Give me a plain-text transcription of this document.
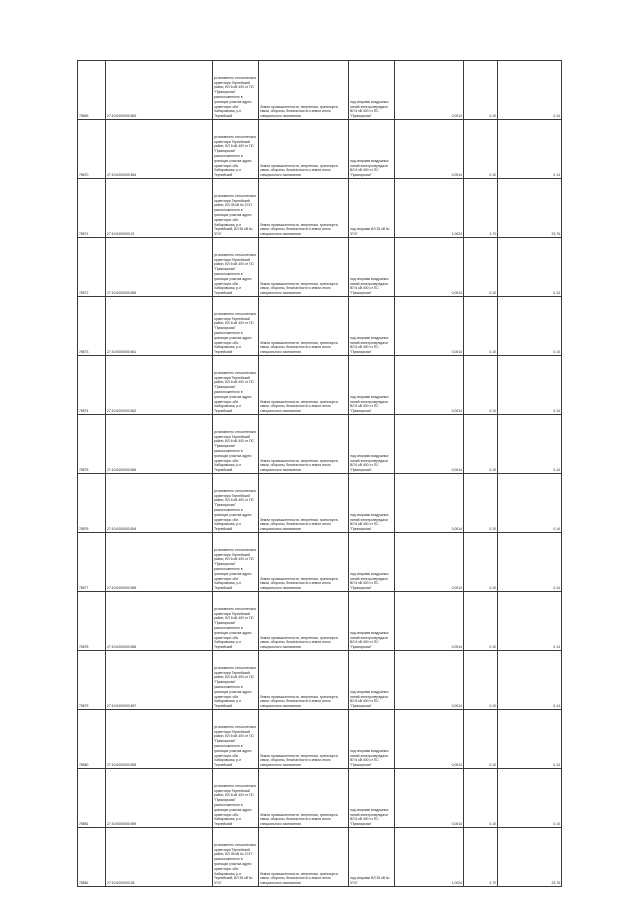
78569	27:10:0000000:563	установлено относительно ориентира Тернейский район, ВЛ 6 кВ 400 от ПС "Приморская" расположенного в границах участка адрес ориентира: обл. Хабаровская, р-н Тернейский	Земли промышленности, энергетики, транспорта, связи, обороны, безопасности и земли иного специального назначения	под опорами воздушных линий электропередачи ВЛ 6 кВ 400 от ПС "Приморская"	0,0014	0,10	0,14
78570	27:10:0000000:564	установлено относительно ориентира Тернейский район, ВЛ 6 кВ 400 от ПС "Приморская" расположенного в границах участка адрес ориентира: обл. Хабаровская, р-н Тернейский	Земли промышленности, энергетики, транспорта, связи, обороны, безопасности и земли иного специального назначения	под опорами воздушных линий электропередачи ВЛ 6 кВ 400 от ПС "Приморская"	0,0014	0,10	0,14
78571	27:10:0000000:22	установлено относительно ориентира Тернейский район, ВЛ 35 кВ № 3747 расположенного в границах участка адрес ориентира: обл. Хабаровская, р-н Тернейский, ВЛ 35 кВ № 3747	Земли промышленности, энергетики, транспорта, связи, обороны, безопасности и земли иного специального назначения	под опорами ВЛ 35 кВ № 3747	1,0024	2,70	23,76
78572	27:10:0000000:565	установлено относительно ориентира Тернейский район, ВЛ 6 кВ 400 от ПС "Приморская" расположенного в границах участка адрес ориентира: обл. Хабаровская, р-н Тернейский	Земли промышленности, энергетики, транспорта, связи, обороны, безопасности и земли иного специального назначения	под опорами воздушных линий электропередачи ВЛ 6 кВ 400 от ПС "Приморская"	0,0014	0,10	0,14
78573	27:10:0000000:561	установлено относительно ориентира Тернейский район, ВЛ 6 кВ 400 от ПС "Приморская" расположенного в границах участка адрес ориентира: обл. Хабаровская, р-н Тернейский	Земли промышленности, энергетики, транспорта, связи, обороны, безопасности и земли иного специального назначения	под опорами воздушных линий электропередачи ВЛ 6 кВ 400 от ПС "Приморская"	0,0014	0,10	0,14
78574	27:10:0000000:562	установлено относительно ориентира Тернейский район, ВЛ 6 кВ 400 от ПС "Приморская" расположенного в границах участка адрес ориентира: обл. Хабаровская, р-н Тернейский	Земли промышленности, энергетики, транспорта, связи, обороны, безопасности и земли иного специального назначения	под опорами воздушных линий электропередачи ВЛ 6 кВ 400 от ПС "Приморская"	0,0014	0,10	0,14
78575	27:10:0000000:566	установлено относительно ориентира Тернейский район, ВЛ 6 кВ 400 от ПС "Приморская" расположенного в границах участка адрес ориентира: обл. Хабаровская, р-н Тернейский	Земли промышленности, энергетики, транспорта, связи, обороны, безопасности и земли иного специального назначения	под опорами воздушных линий электропередачи ВЛ 6 кВ 400 от ПС "Приморская"	0,0014	0,10	0,14
78576	27:10:0000000:554	установлено относительно ориентира Тернейский район, ВЛ 6 кВ 400 от ПС "Приморская" расположенного в границах участка адрес ориентира: обл. Хабаровская, р-н Тернейский	Земли промышленности, энергетики, транспорта, связи, обороны, безопасности и земли иного специального назначения	под опорами воздушных линий электропередачи ВЛ 6 кВ 400 от ПС "Приморская"	0,0014	0,10	0,14
78577	27:10:0000000:555	установлено относительно ориентира Тернейский район, ВЛ 6 кВ 400 от ПС "Приморская" расположенного в границах участка адрес ориентира: обл. Хабаровская, р-н Тернейский	Земли промышленности, энергетики, транспорта, связи, обороны, безопасности и земли иного специального назначения	под опорами воздушных линий электропередачи ВЛ 6 кВ 400 от ПС "Приморская"	0,0014	0,10	0,14
78578	27:10:0000000:556	установлено относительно ориентира Тернейский район, ВЛ 6 кВ 400 от ПС "Приморская" расположенного в границах участка адрес ориентира: обл. Хабаровская, р-н Тернейский	Земли промышленности, энергетики, транспорта, связи, обороны, безопасности и земли иного специального назначения	под опорами воздушных линий электропередачи ВЛ 6 кВ 400 от ПС "Приморская"	0,0014	0,10	0,14
78579	27:10:0000000:557	установлено относительно ориентира Тернейский район, ВЛ 6 кВ 400 от ПС "Приморская" расположенного в границах участка адрес ориентира: обл. Хабаровская, р-н Тернейский	Земли промышленности, энергетики, транспорта, связи, обороны, безопасности и земли иного специального назначения	под опорами воздушных линий электропередачи ВЛ 6 кВ 400 от ПС "Приморская"	0,0014	0,10	0,14
78580	27:10:0000000:558	установлено относительно ориентира Тернейский район, ВЛ 6 кВ 400 от ПС "Приморская" расположенного в границах участка адрес ориентира: обл. Хабаровская, р-н Тернейский	Земли промышленности, энергетики, транспорта, связи, обороны, безопасности и земли иного специального назначения	под опорами воздушных линий электропередачи ВЛ 6 кВ 400 от ПС "Приморская"	0,0014	0,10	0,14
78581	27:10:0000000:559	установлено относительно ориентира Тернейский район, ВЛ 6 кВ 400 от ПС "Приморская" расположенного в границах участка адрес ориентира: обл. Хабаровская, р-н Тернейский	Земли промышленности, энергетики, транспорта, связи, обороны, безопасности и земли иного специального назначения	под опорами воздушных линий электропередачи ВЛ 6 кВ 400 от ПС "Приморская"	0,0014	0,10	0,14
78582	27:10:0000000:28	установлено относительно ориентира Тернейский район, ВЛ 35 кВ № 3747 расположенного в границах участка адрес ориентира: обл. Хабаровская, р-н Тернейский, ВЛ 35 кВ № 3747	Земли промышленности, энергетики, транспорта, связи, обороны, безопасности и земли иного специального назначения	под опорами ВЛ 35 кВ № 3747	1,0024	2,70	23,76
